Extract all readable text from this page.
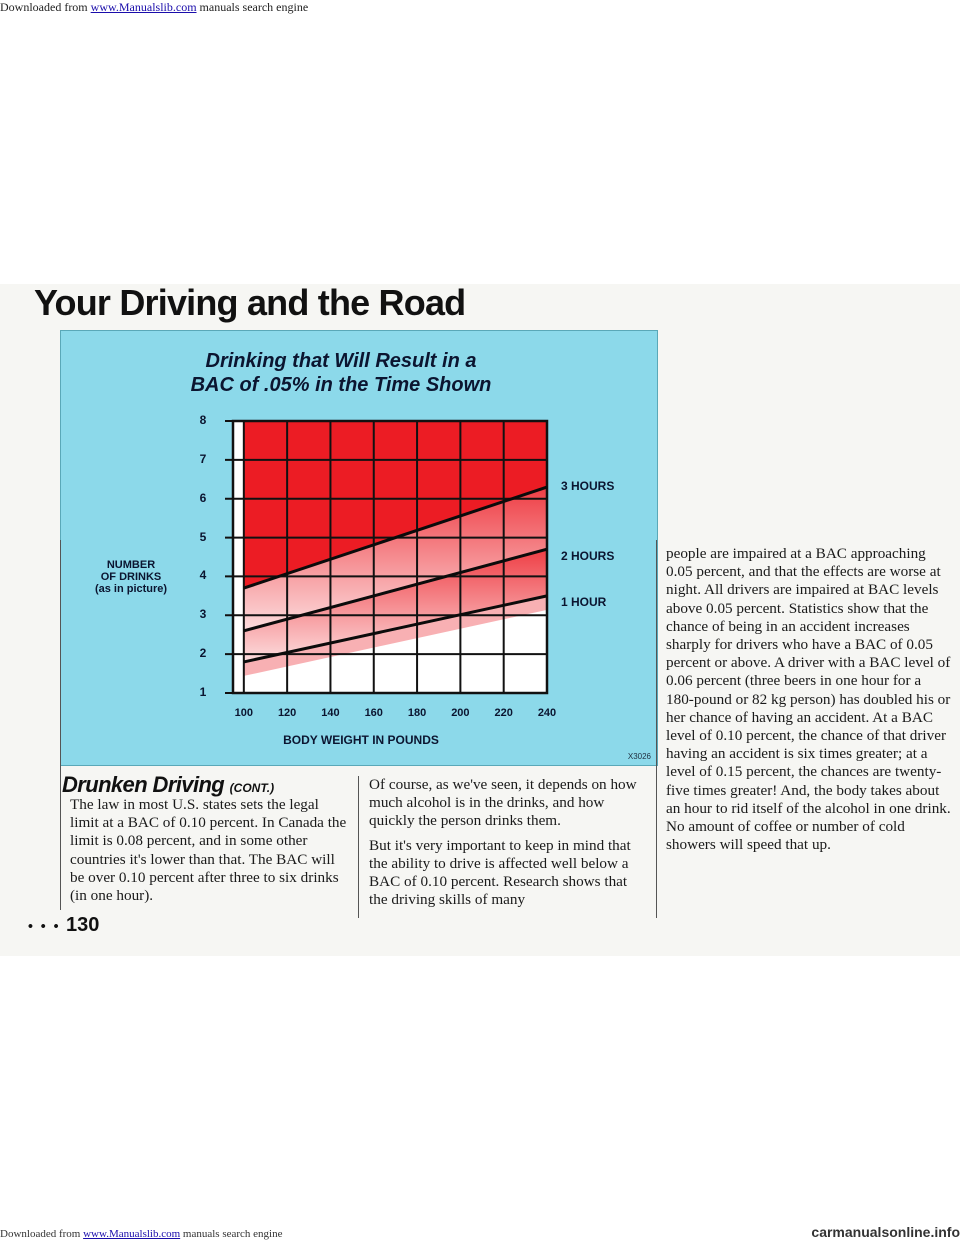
Downloaded from www.Manualslib.com manuals search engine
Your Driving and the Road
Drinking that Will Result in a
BAC of .05% in the Time Shown
NUMBER
OF DRINKS
(as in picture)
1
2
3
4
5
6
7
8
100	120	140	160	180	200	220	240
3 HOURS
2 HOURS
1 HOUR
BODY WEIGHT IN POUNDS
X3026
Drunken Driving (CONT.)

The law in most U.S. states sets the legal limit at a BAC of 0.10 percent. In Canada the limit is 0.08 percent, and in some other countries it's lower than that. The BAC will be over 0.10 percent after three to six drinks (in one hour).

Of course, as we've seen, it depends on how much alcohol is in the drinks, and how quickly the person drinks them.

But it's very important to keep in mind that the ability to drive is affected well below a BAC of 0.10 percent. Research shows that the driving skills of many

people are impaired at a BAC approaching 0.05 percent, and that the effects are worse at night. All drivers are impaired at BAC levels above 0.05 percent. Statistics show that the chance of being in an accident increases sharply for drivers who have a BAC of 0.05 percent or above. A driver with a BAC level of 0.06 percent (three beers in one hour for a 180-pound or 82 kg person) has doubled his or her chance of having an accident. At a BAC level of 0.10 percent, the chance of that driver having an accident is six times greater; at a level of 0.15 percent, the chances are twenty-five times greater! And, the body takes about an hour to rid itself of the alcohol in one drink. No amount of coffee or number of cold showers will speed that up.

• • • 130
Downloaded from www.Manualslib.com manuals search engine	carmanualsonline.info
